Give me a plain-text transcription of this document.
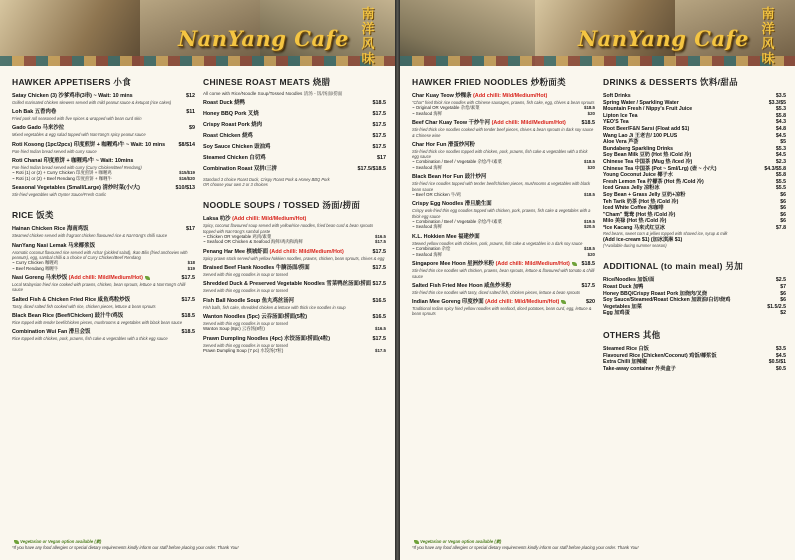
NanYang Cafe
南洋风味
HAWKER APPETISERS 小食
Satay Chicken (3) 沙爹鸡串(3串) ~ Wait: 10 mins	$12
Grilled marinated chicken skewers served with mild peanut sauce & ketupat (rice cakes)
Loh Bak 五香肉卷	$11
Fried pork roll seasoned with five spices & wrapped with bean curd skin
Gado Gado 马来沙拉	$9
Mixed vegetables & egg salad topped with NanYang's spicy peanut sauce
Roti Kosong (1pc/2pcs) 印度煎饼 + 咖喱鸡/牛 ~ Wait: 10 mins $8/$14
Pan-fried Indian bread served with curry sauce
Roti Chanai 印度煎饼 + 咖喱鸡/牛 ~ Wait: 10mins
Pan-fried Indian bread served with curry (Curry Chicken/Beef Rendang)
~ Roti (1) or (2) + Curry Chicken 印度煎饼 + 咖喱鸡	$15/$19
~ Roti (1) or (2) + Beef Rendang 印度煎饼 + 咖喱牛	$16/$20
Seasonal Vegetables (Small/Large) 清炒时菜(小/大)	$10/$13
Stir-fried vegetables with Oyster Sauce/Fresh Garlic
RICE 饭类
Hainan Chicken Rice 海南鸡饭	$17
Steamed chicken served with fragrant chicken flavoured rice & NanYang's chilli sauce
NanYang Nasi Lemak 马来椰浆饭
Aromatic coconut flavoured rice served with Achar (pickled salad), Ikan Bilis (fried anchovies with peanuts), egg, sambal chilli & a choice of Curry Chicken/Beef Rendang
~ Curry Chicken 咖喱鸡	$18
~ Beef Rendang 咖喱牛	$19
Nasi Goreng 马来炒饭 (Add chilli: Mild/Medium/Hot)	$17.5
Local Malaysian fried rice cooked with prawns, chicken, bean sprouts, lettuce & NanYang's chilli sauce
Salted Fish & Chicken Fried Rice 咸鱼鸡粒炒饭	$17.5
Tasty, diced salted fish cooked with rice, chicken pieces, lettuce & bean sprouts
Black Bean Rice (Beef/Chicken) 豉汁牛/鸡饭	$18.5
Rice topped with tender beef/chicken pieces, mushrooms & vegetables with black bean sauce
Combination Wui Fan 滑旦会饭	$18.5
Rice topped with chicken, pork, prawns, fish cake & vegetables with a thick egg sauce
CHINESE ROAST MEATS 烧腊
All come with Rice/Noodle Soup/Tossed Noodles 清汤 - 饭/汤面/捞面
Roast Duck 烧鸭	$18.5
Honey BBQ Pork 叉烧	$17.5
Crispy Roast Pork 烧肉	$17.5
Roast Chicken 烧鸡	$17.5
Soy Sauce Chicken 豉油鸡	$17.5
Steamed Chicken 白切鸡	$17
Combination Roast 双拼/三拼	$17.5/$18.5
Standard 3 choice Roast Duck, Crispy Roast Pork & Honey BBQ Pork
OR choose your own 2 or 3 choices
NOODLE SOUPS / TOSSED 汤面/捞面
Laksa 叻沙 (Add chilli: Mild/Medium/Hot)
Spicy, coconut flavoured soup served with yellow/rice noodles, fried bean curd & bean sprouts topped with NanYang's sambal paste
~ Chicken OR Vegetable 鸡肉/素菜	$16.5
~ Seafood OR Chicken & Seafood 海鲜/鸡肉和海鲜	$17.5
Penang Har Mee 槟城虾面 (Add chilli: Mild/Medium/Hot)	$17.5
Spicy prawn stock served with yellow hokkien noodles, prawns, chicken, bean sprouts, chives & egg
Braised Beef Flank Noodles 牛腩汤面/捞面	$17.5
Served with thin egg noodles in soup or tossed
Shredded Duck & Preserved Vegetable Noodles 雪菜鸭丝汤面/捞面 $17.5
Served with thin egg noodles in soup or tossed
Fish Ball Noodle Soup 鱼丸鸡丝汤河	$16.5
Fish balls, fish cake, shredded chicken & lettuce with thick rice noodles in soup
Wanton Noodles (5pc) 云吞汤面/捞面(5粒)	$16.5
Served with thin egg noodles in soup or tossed
Wanton Soup (8pc) 云吞汤(8粒)	$16.5
Prawn Dumpling Noodles (4pc) 水饺汤面/捞面(4粒)	$17.5
Served with thin egg noodles in soup or tossed
Prawn Dumpling Soup (7 pc) 水饺汤(7粒)	$17.5
Vegetarian or Vegan option available (素)
*If you have any food allergies or special dietary requirements kindly inform our staff before placing your order. Thank You!
NanYang Cafe
南洋风味
HAWKER FRIED NOODLES 炒粉面类
Char Kuay Teow 炒粿条 (Add chilli: Mild/Medium/Hot)
"Char" fried thick rice noodles with Chinese sausages, prawns, fish cake, egg, chives & bean sprouts
~ Original OR Vegetable 杂烩/素菜	$18.5
~ Seafood 海鲜	$20
Beef Char Kuay Teow 干炒牛河 (Add chilli: Mild/Medium/Hot)	$18.5
Stir-fried thick rice noodles cooked with tender beef pieces, chives & bean sprouts in dark soy sauce & Chinese wine
Char Hor Fun 滑蛋炒河粉
Stir-fried thick rice noodles topped with chicken, pork, prawns, fish cake & vegetables with a thick egg sauce
~ Combination / Beef / Vegetable 杂烩/牛/素菜	$18.5
~ Seafood 海鲜	$20
Black Bean Hor Fun 豉汁炒河
Stir-fried rice noodles topped with tender beef/chicken pieces, mushrooms & vegetables with black bean sauce
~ Beef OR Chicken 牛/鸡	$18.5
Crispy Egg Noodles 滑旦脆生面
Crispy wok-fried thin egg noodles topped with chicken, pork, prawns, fish cake & vegetables with a thick egg sauce
~ Combination / Beef / Vegetable 杂烩/牛/素菜	$19.5
~ Seafood 海鲜	$20.5
K.L. Hokkien Mee 福建炒面
Stewed yellow noodles with chicken, pork, prawns, fish cake & vegetables in a dark soy sauce
~ Combination 杂烩	$18.5
~ Seafood 海鲜	$20
Singapore Mee Hoon 星洲炒米粉 (Add chilli: Mild/Medium/Hot)	$18.5
Stir-fried thin rice noodles with chicken, prawns, bean sprouts, lettuce & flavoured with tomato & chilli sauce
Salted Fish Fried Mee Hoon 咸鱼炒米粉	$17.5
Stir-fried thin rice noodles with tasty, diced salted fish, chicken pieces, lettuce & bean sprouts
Indian Mee Goreng 印度炒面 (Add chilli: Mild/Medium/Hot)	$20
Traditional Indian spicy fried yellow noodles with seafood, diced potatoes, bean curd, egg, lettuce & bean sprouts
DRINKS & DESSERTS 饮料/甜品
Soft Drinks	$3.5
Spring Water / Sparkling Water	$3.3/$5
Mountain Fresh / Nippy's Fruit Juice	$5.3
Lipton Ice Tea	$5.8
YEO'S Tea	$4.3
Root Beer/F&N Sarsi (Float add $1)	$4.8
Wang Lao Ji 王老吉/ 100 PLUS	$4.5
Aloe Vera 芦荟	$5
Bundaberg Sparkling Drinks	$5.3
Soy Bean Milk 豆奶 (Hot 热 /Cold 冷)	$4.5
Chinese Tea 中国茶 (Mug 热 /Iced 冷)	$2.3
Chinese Tea 中国茶 (Pot ~ Sml/Lrg) (壶 ~ 小/大)	$4.3/$5.8
Young Coconut Juice 椰子水	$5.8
Fresh Lemon Tea 柠檬茶 (Hot 热 /Cold 冷)	$5.5
Iced Grass Jelly 凉粉冰	$5.5
Soy Bean + Grass Jelly 豆奶+凉粉	$6
Teh Tarik 奶茶 (Hot 热 /Cold 冷)	$6
Iced White Coffee 冻咖啡	$6
"Cham" 鸳鸯 (Hot 热 /Cold 冷)	$6
Milo 美禄 (Hot 热 /Cold 冷)	$6
*Ice Kacang 马来式红豆冰	$7.8
Red beans, sweet corn & jellies topped with shaved ice, syrup & milk
(Add ice-cream $1) (加冰淇淋 $1)
(*Available during summer season)
ADDITIONAL (to main meal) 另加
Rice/Noodles 加饭/面	$2.5
Roast Duck 加鸭	$7
Honey BBQ/Crispy Roast Pork 加烧肉/叉烧	$6
Soy Sauce/Steamed/Roast Chicken 加豉油/白切/烧鸡	$6
Vegetables 加菜	$1.5/2.5
Egg 加鸡蛋	$2
OTHERS 其他
Steamed Rice 白饭	$3.5
Flavoured Rice (Chicken/Coconut) 鸡饭/椰浆饭	$4.5
Extra Chilli 加辣椒	$0.5/$1
Take-away container 外卖盒子	$0.5
Vegetarian or Vegan option available (素)
*If you have any food allergies or special dietary requirements kindly inform our staff before placing your order. Thank You!
